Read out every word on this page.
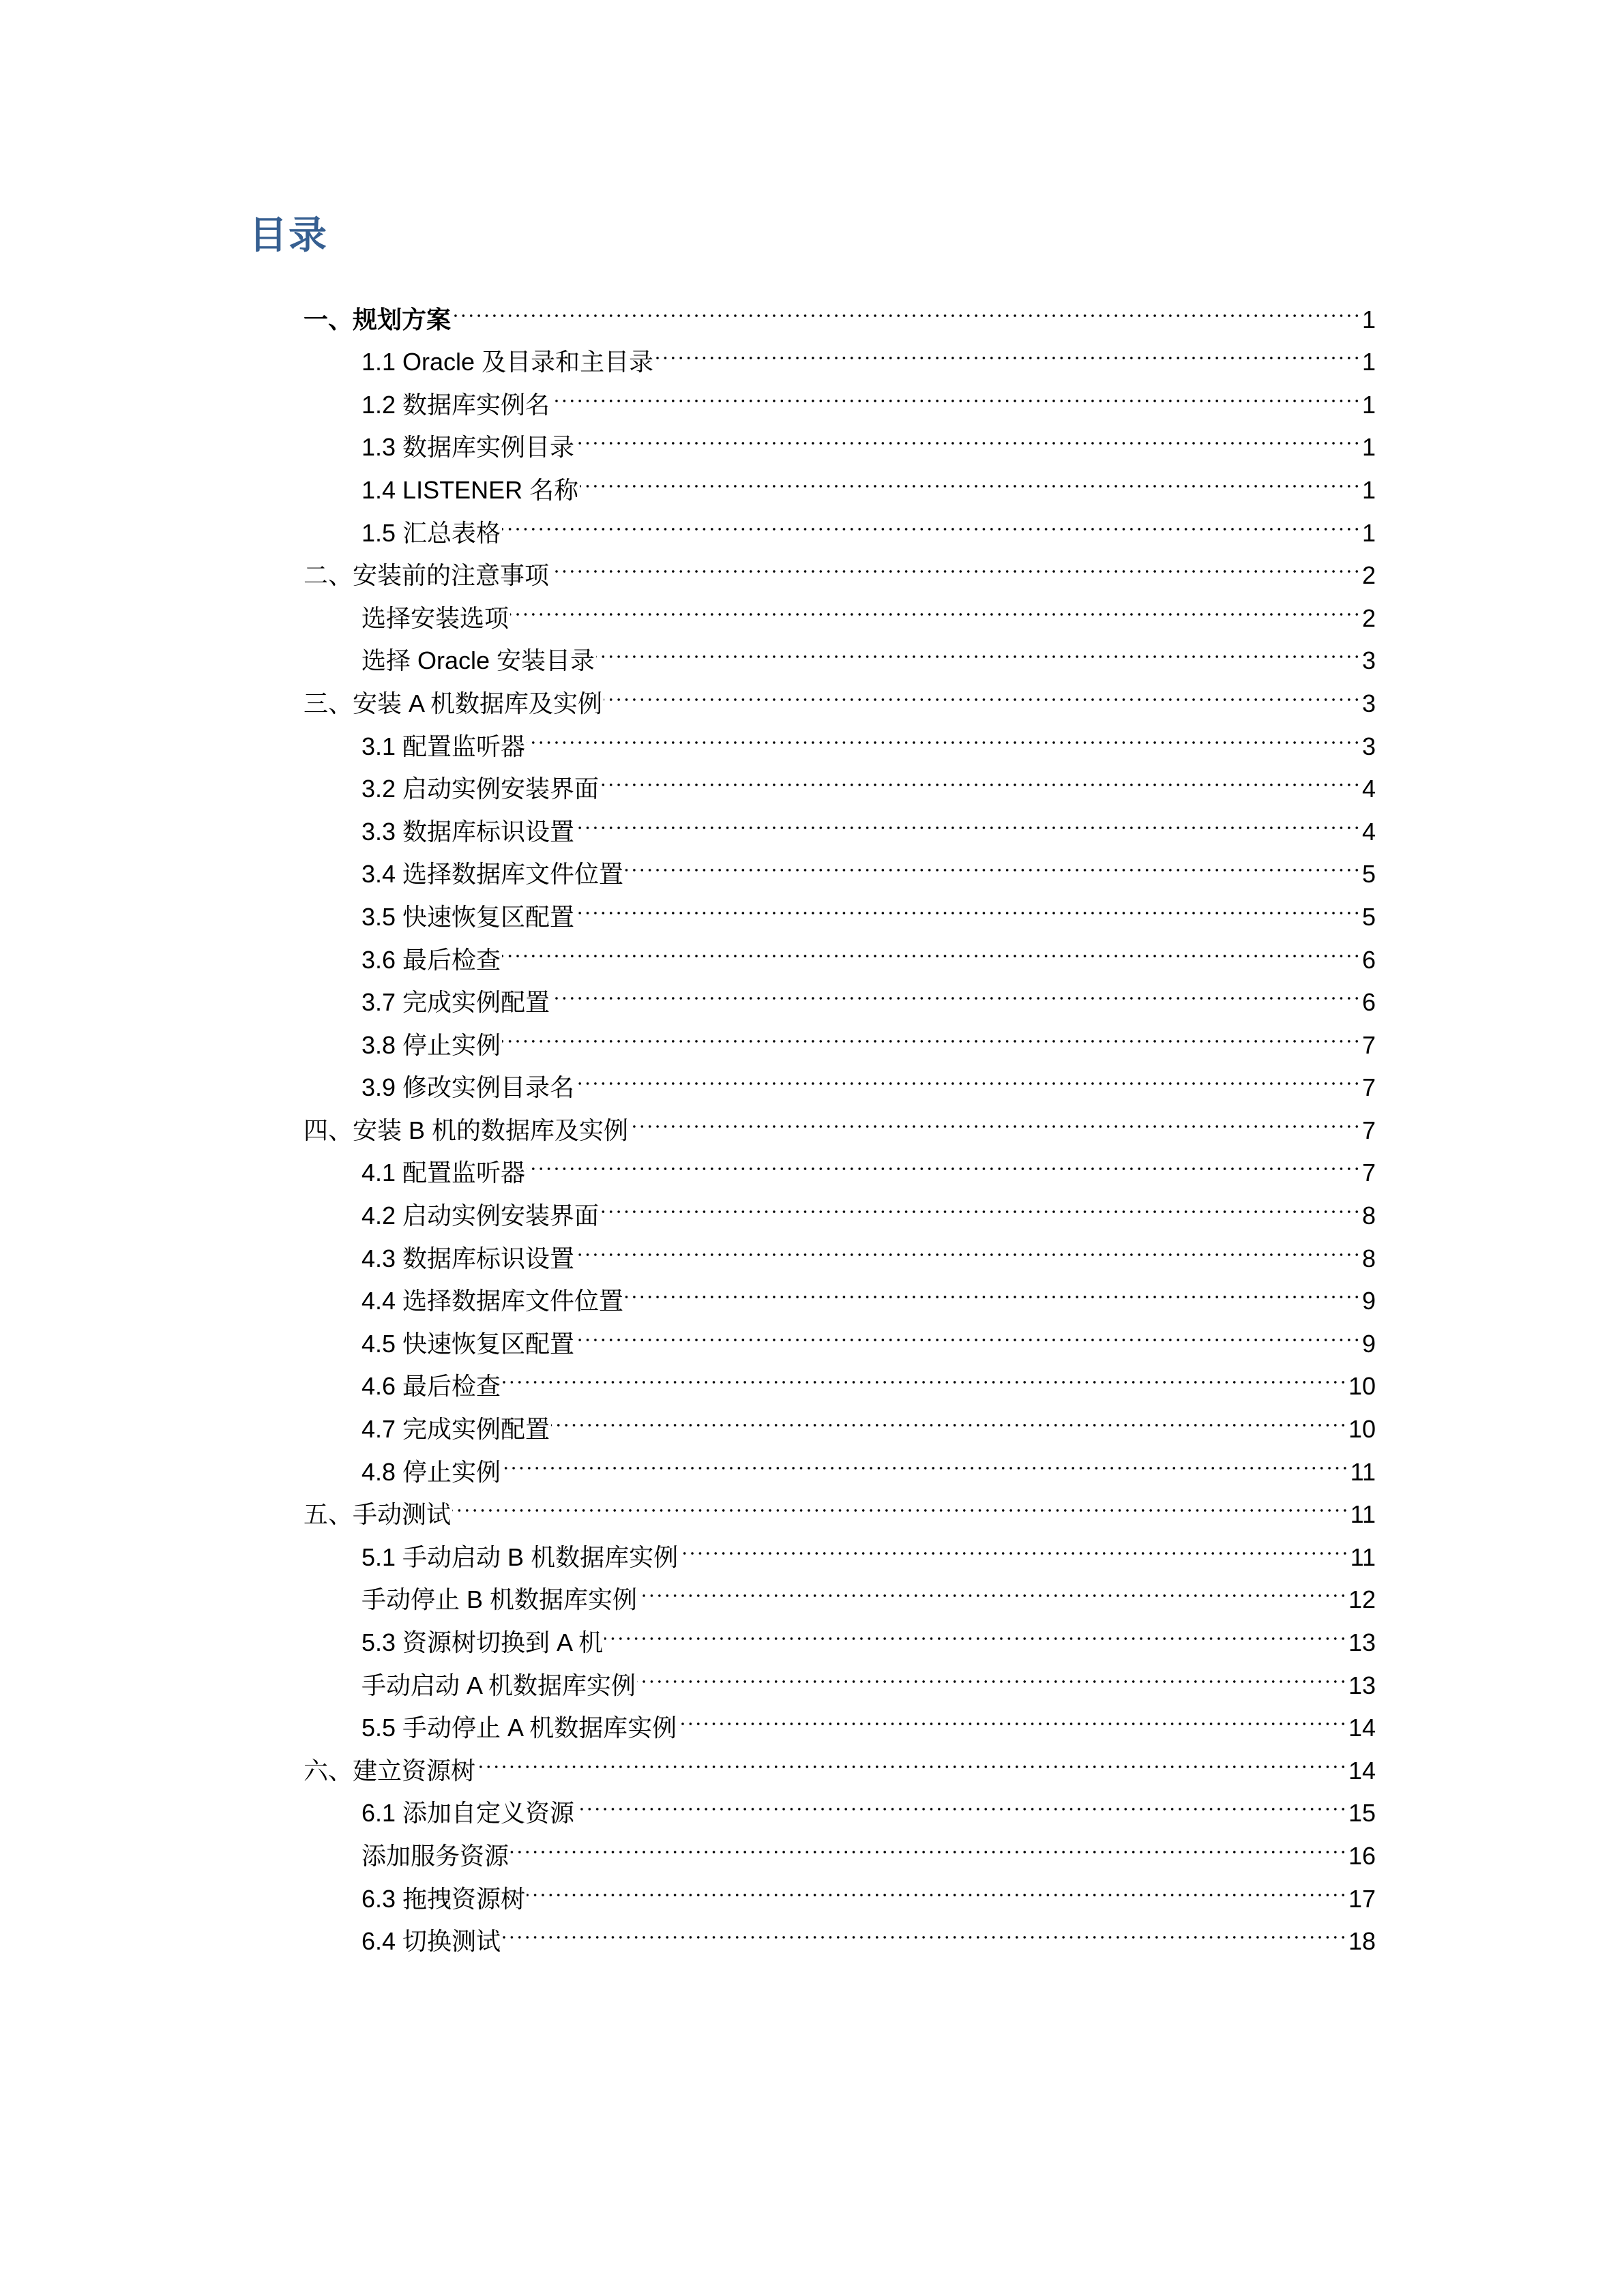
目录
一、规划方案	1
1.1 Oracle 及目录和主目录	1
1.2 数据库实例名	1
1.3 数据库实例目录	1
1.4 LISTENER 名称	1
1.5 汇总表格	1
二、安装前的注意事项	2
选择安装选项	2
选择 Oracle 安装目录	3
三、安装 A 机数据库及实例	3
3.1 配置监听器	3
3.2 启动实例安装界面	4
3.3 数据库标识设置	4
3.4 选择数据库文件位置	5
3.5 快速恢复区配置	5
3.6 最后检查	6
3.7 完成实例配置	6
3.8 停止实例	7
3.9 修改实例目录名	7
四、安装 B 机的数据库及实例	7
4.1 配置监听器	7
4.2 启动实例安装界面	8
4.3 数据库标识设置	8
4.4 选择数据库文件位置	9
4.5 快速恢复区配置	9
4.6 最后检查	10
4.7 完成实例配置	10
4.8 停止实例	11
五、手动测试	11
5.1 手动启动 B 机数据库实例	11
手动停止 B 机数据库实例	12
5.3 资源树切换到 A 机	13
手动启动 A 机数据库实例	13
5.5 手动停止 A 机数据库实例	14
六、建立资源树	14
6.1 添加自定义资源	15
添加服务资源	16
6.3 拖拽资源树	17
6.4 切换测试	18
